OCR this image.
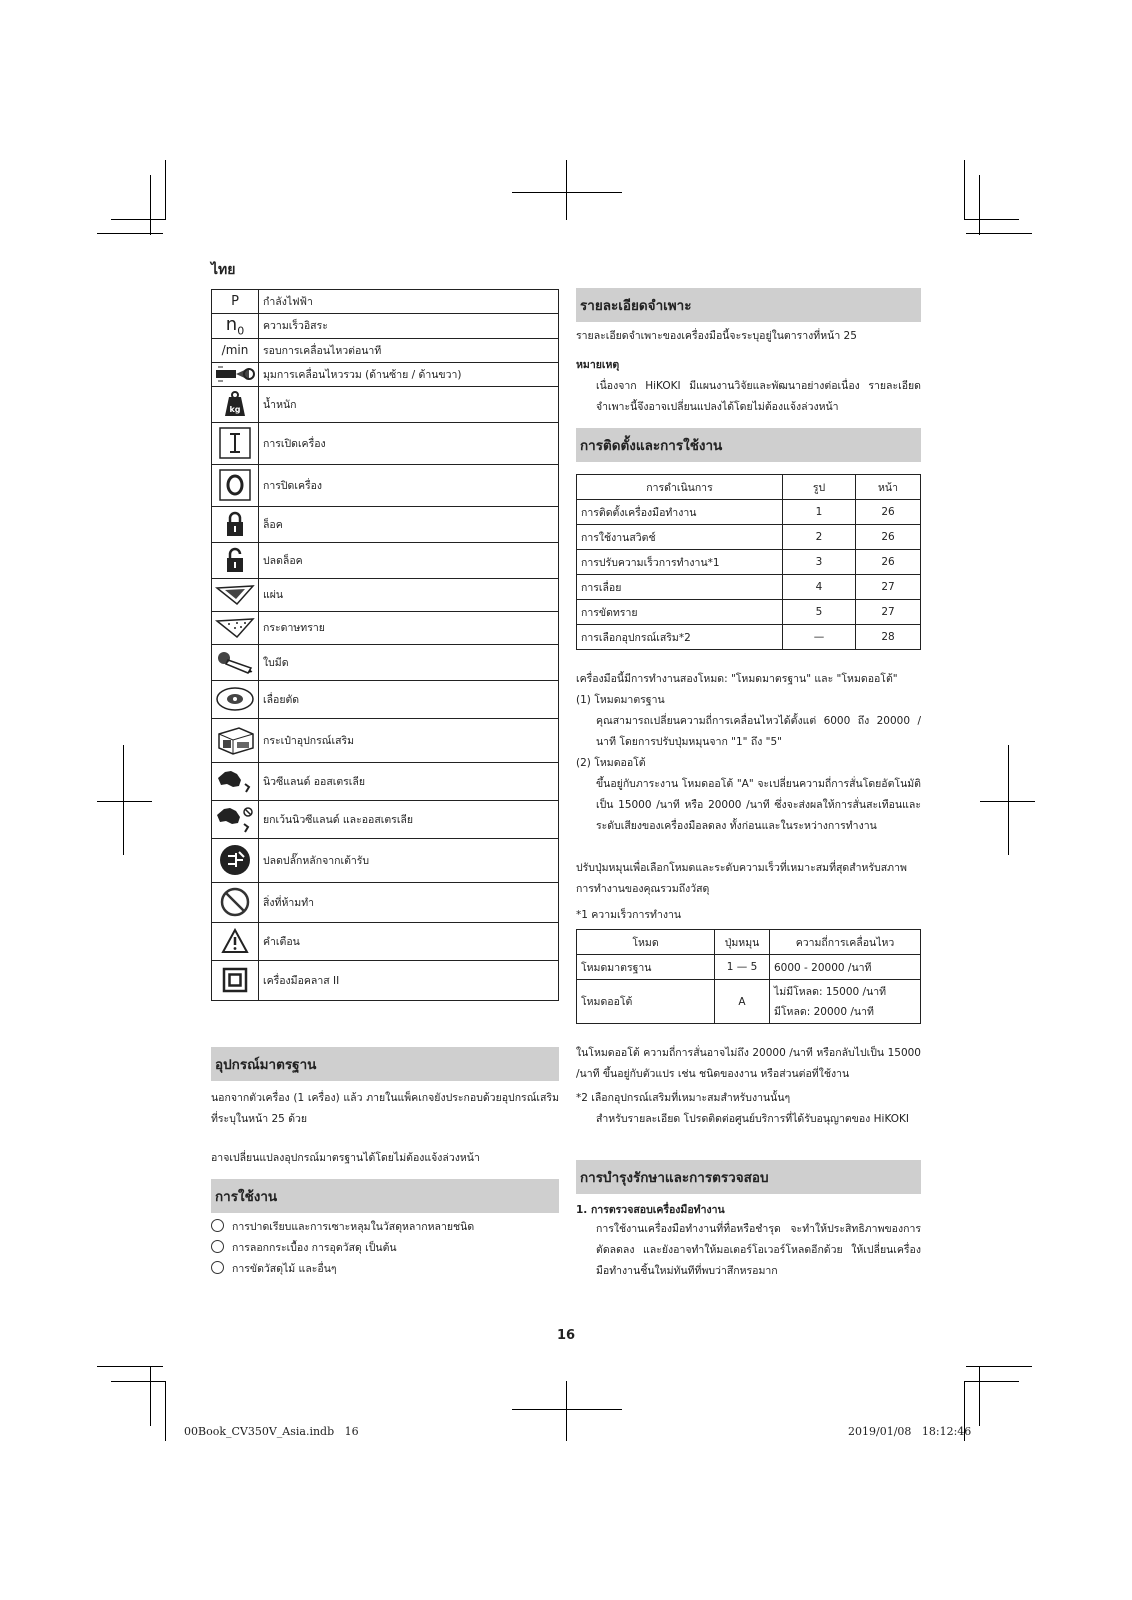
ไทย
P	กำลังไฟฟ้า
$n_0$	ความเร็วอิสระ
/min	รอบการเคลื่อนไหวต่อนาที

	มุมการเคลื่อนไหวรวม (ด้านซ้าย / ด้านขวา)

kg	น้ำหนัก

	การเปิดเครื่อง

	การปิดเครื่อง

	ล็อค

	ปลดล็อค

	แผ่น

	กระดาษทราย

	ใบมีด

	เลื่อยตัด

	กระเป๋าอุปกรณ์เสริม

	นิวซีแลนด์ ออสเตรเลีย

	ยกเว้นนิวซีแลนด์ และออสเตรเลีย

	ปลดปลั๊กหลักจากเต้ารับ

	สิ่งที่ห้ามทำ

	คำเตือน

	เครื่องมือคลาส II
อุปกรณ์มาตรฐาน
นอกจากตัวเครื่อง (1 เครื่อง) แล้ว ภายในแพ็คเกจยังประกอบด้วยอุปกรณ์เสริมที่ระบุในหน้า 25 ด้วย
อาจเปลี่ยนแปลงอุปกรณ์มาตรฐานได้โดยไม่ต้องแจ้งล่วงหน้า
การใช้งาน
การปาดเรียบและการเซาะหลุมในวัสดุหลากหลายชนิด
การลอกกระเบื้อง การอุดวัสดุ เป็นต้น
การขัดวัสดุไม้ และอื่นๆ
รายละเอียดจำเพาะ
รายละเอียดจำเพาะของเครื่องมือนี้จะระบุอยู่ในตารางที่หน้า 25
หมายเหตุ
เนื่องจาก HiKOKI มีแผนงานวิจัยและพัฒนาอย่างต่อเนื่อง รายละเอียดจำเพาะนี้จึงอาจเปลี่ยนแปลงได้โดยไม่ต้องแจ้งล่วงหน้า
การติดตั้งและการใช้งาน
การดำเนินการ	รูป	หน้า
การติดตั้งเครื่องมือทำงาน	1	26
การใช้งานสวิตช์	2	26
การปรับความเร็วการทำงาน*1	3	26
การเลื่อย	4	27
การขัดทราย	5	27
การเลือกอุปกรณ์เสริม*2	—	28
เครื่องมือนี้มีการทำงานสองโหมด: "โหมดมาตรฐาน" และ "โหมดออโต้"
(1) โหมดมาตรฐาน
คุณสามารถเปลี่ยนความถี่การเคลื่อนไหวได้ตั้งแต่ 6000 ถึง 20000 /นาที โดยการปรับปุ่มหมุนจาก "1" ถึง "5"
(2) โหมดออโต้
ขึ้นอยู่กับภาระงาน โหมดออโต้ "A" จะเปลี่ยนความถี่การสั่นโดยอัตโนมัติเป็น 15000 /นาที หรือ 20000 /นาที ซึ่งจะส่งผลให้การสั่นสะเทือนและระดับเสียงของเครื่องมือลดลง ทั้งก่อนและในระหว่างการทำงาน
ปรับปุ่มหมุนเพื่อเลือกโหมดและระดับความเร็วที่เหมาะสมที่สุดสำหรับสภาพการทำงานของคุณรวมถึงวัสดุ
*1 ความเร็วการทำงาน
โหมด	ปุ่มหมุน	ความถี่การเคลื่อนไหว
โหมดมาตรฐาน	1 — 5	6000 - 20000 /นาที
โหมดออโต้	A	ไม่มีโหลด: 15000 /นาที
มีโหลด: 20000 /นาที
ในโหมดออโต้ ความถี่การสั่นอาจไม่ถึง 20000 /นาที หรือกลับไปเป็น 15000 /นาที ขึ้นอยู่กับตัวแปร เช่น ชนิดของงาน หรือส่วนต่อที่ใช้งาน
*2 เลือกอุปกรณ์เสริมที่เหมาะสมสำหรับงานนั้นๆ
สำหรับรายละเอียด โปรดติดต่อศูนย์บริการที่ได้รับอนุญาตของ HiKOKI
การบำรุงรักษาและการตรวจสอบ
1. การตรวจสอบเครื่องมือทำงาน
การใช้งานเครื่องมือทำงานที่ทื่อหรือชำรุด จะทำให้ประสิทธิภาพของการตัดลดลง และยังอาจทำให้มอเตอร์โอเวอร์โหลดอีกด้วย ให้เปลี่ยนเครื่องมือทำงานชิ้นใหม่ทันทีที่พบว่าสึกหรอมาก
16
00Book_CV350V_Asia.indb   16	2019/01/08   18:12:46
